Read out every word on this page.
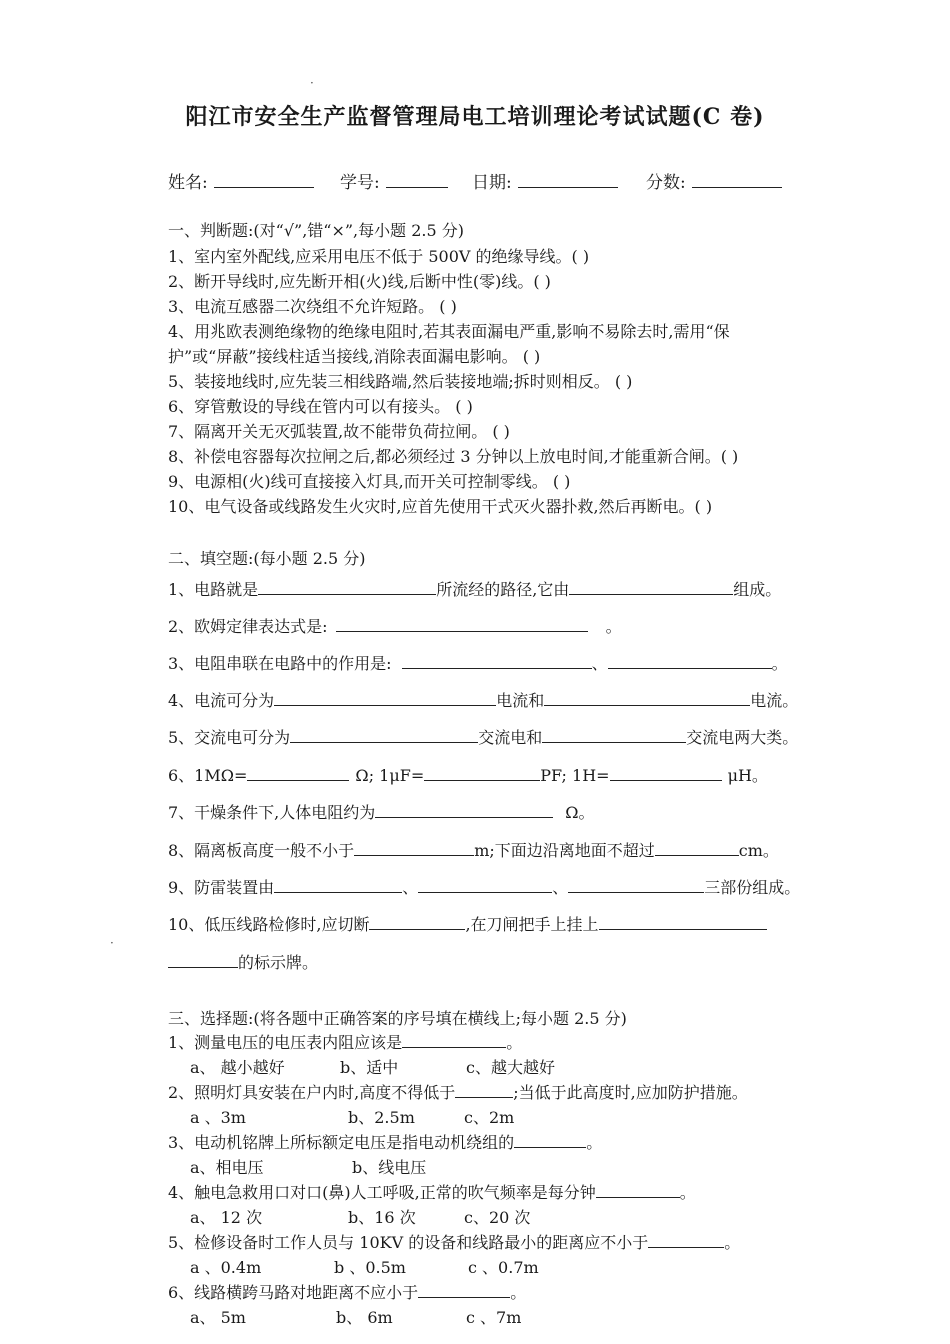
阳江市安全生产监督管理局电工培训理论考试试题(C 卷)
姓名:	学号:	日期:	分数:
一、判断题:(对“√”,错“×”,每小题 2.5 分)
1、室内室外配线,应采用电压不低于 500V 的绝缘导线。( )
2、断开导线时,应先断开相(火)线,后断中性(零)线。( )
3、电流互感器二次绕组不允许短路。 ( )
4、用兆欧表测绝缘物的绝缘电阻时,若其表面漏电严重,影响不易除去时,需用“保
护”或“屏蔽”接线柱适当接线,消除表面漏电影响。 ( )
5、装接地线时,应先装三相线路端,然后装接地端;拆时则相反。 ( )
6、穿管敷设的导线在管内可以有接头。 ( )
7、隔离开关无灭弧装置,故不能带负荷拉闸。 ( )
8、补偿电容器每次拉闸之后,都必须经过 3 分钟以上放电时间,才能重新合闸。( )
9、电源相(火)线可直接接入灯具,而开关可控制零线。 ( )
10、电气设备或线路发生火灾时,应首先使用干式灭火器扑救,然后再断电。( )
二、填空题:(每小题 2.5 分)
1、电路就是	所流经的路径,它由	组成。
2、欧姆定律表达式是:	。
3、电阻串联在电路中的作用是:	、	。
4、电流可分为	电流和	电流。
5、交流电可分为	交流电和	交流电两大类。
6、1MΩ=	Ω; 1μF=	PF; 1H=	μH。
7、干燥条件下,人体电阻约为	Ω。
8、隔离板高度一般不小于	m;下面边沿离地面不超过	cm。
9、防雷装置由	、	、	三部份组成。
10、低压线路检修时,应切断	,在刀闸把手上挂上
的标示牌。
三、选择题:(将各题中正确答案的序号填在横线上;每小题 2.5 分)
1、测量电压的电压表内阻应该是	。
a、 越小越好	b、适中	c、越大越好
2、照明灯具安装在户内时,高度不得低于	;当低于此高度时,应加防护措施。
a 、3m	b、2.5m	c、2m
3、电动机铭牌上所标额定电压是指电动机绕组的	。
a、相电压	b、线电压
4、触电急救用口对口(鼻)人工呼吸,正常的吹气频率是每分钟	。
a、 12 次	b、16 次	c、20 次
5、检修设备时工作人员与 10KV 的设备和线路最小的距离应不小于	。
a 、0.4m	b 、0.5m	c 、0.7m
6、线路横跨马路对地距离不应小于	。
a、 5m	b、 6m	c 、7m
·
·
